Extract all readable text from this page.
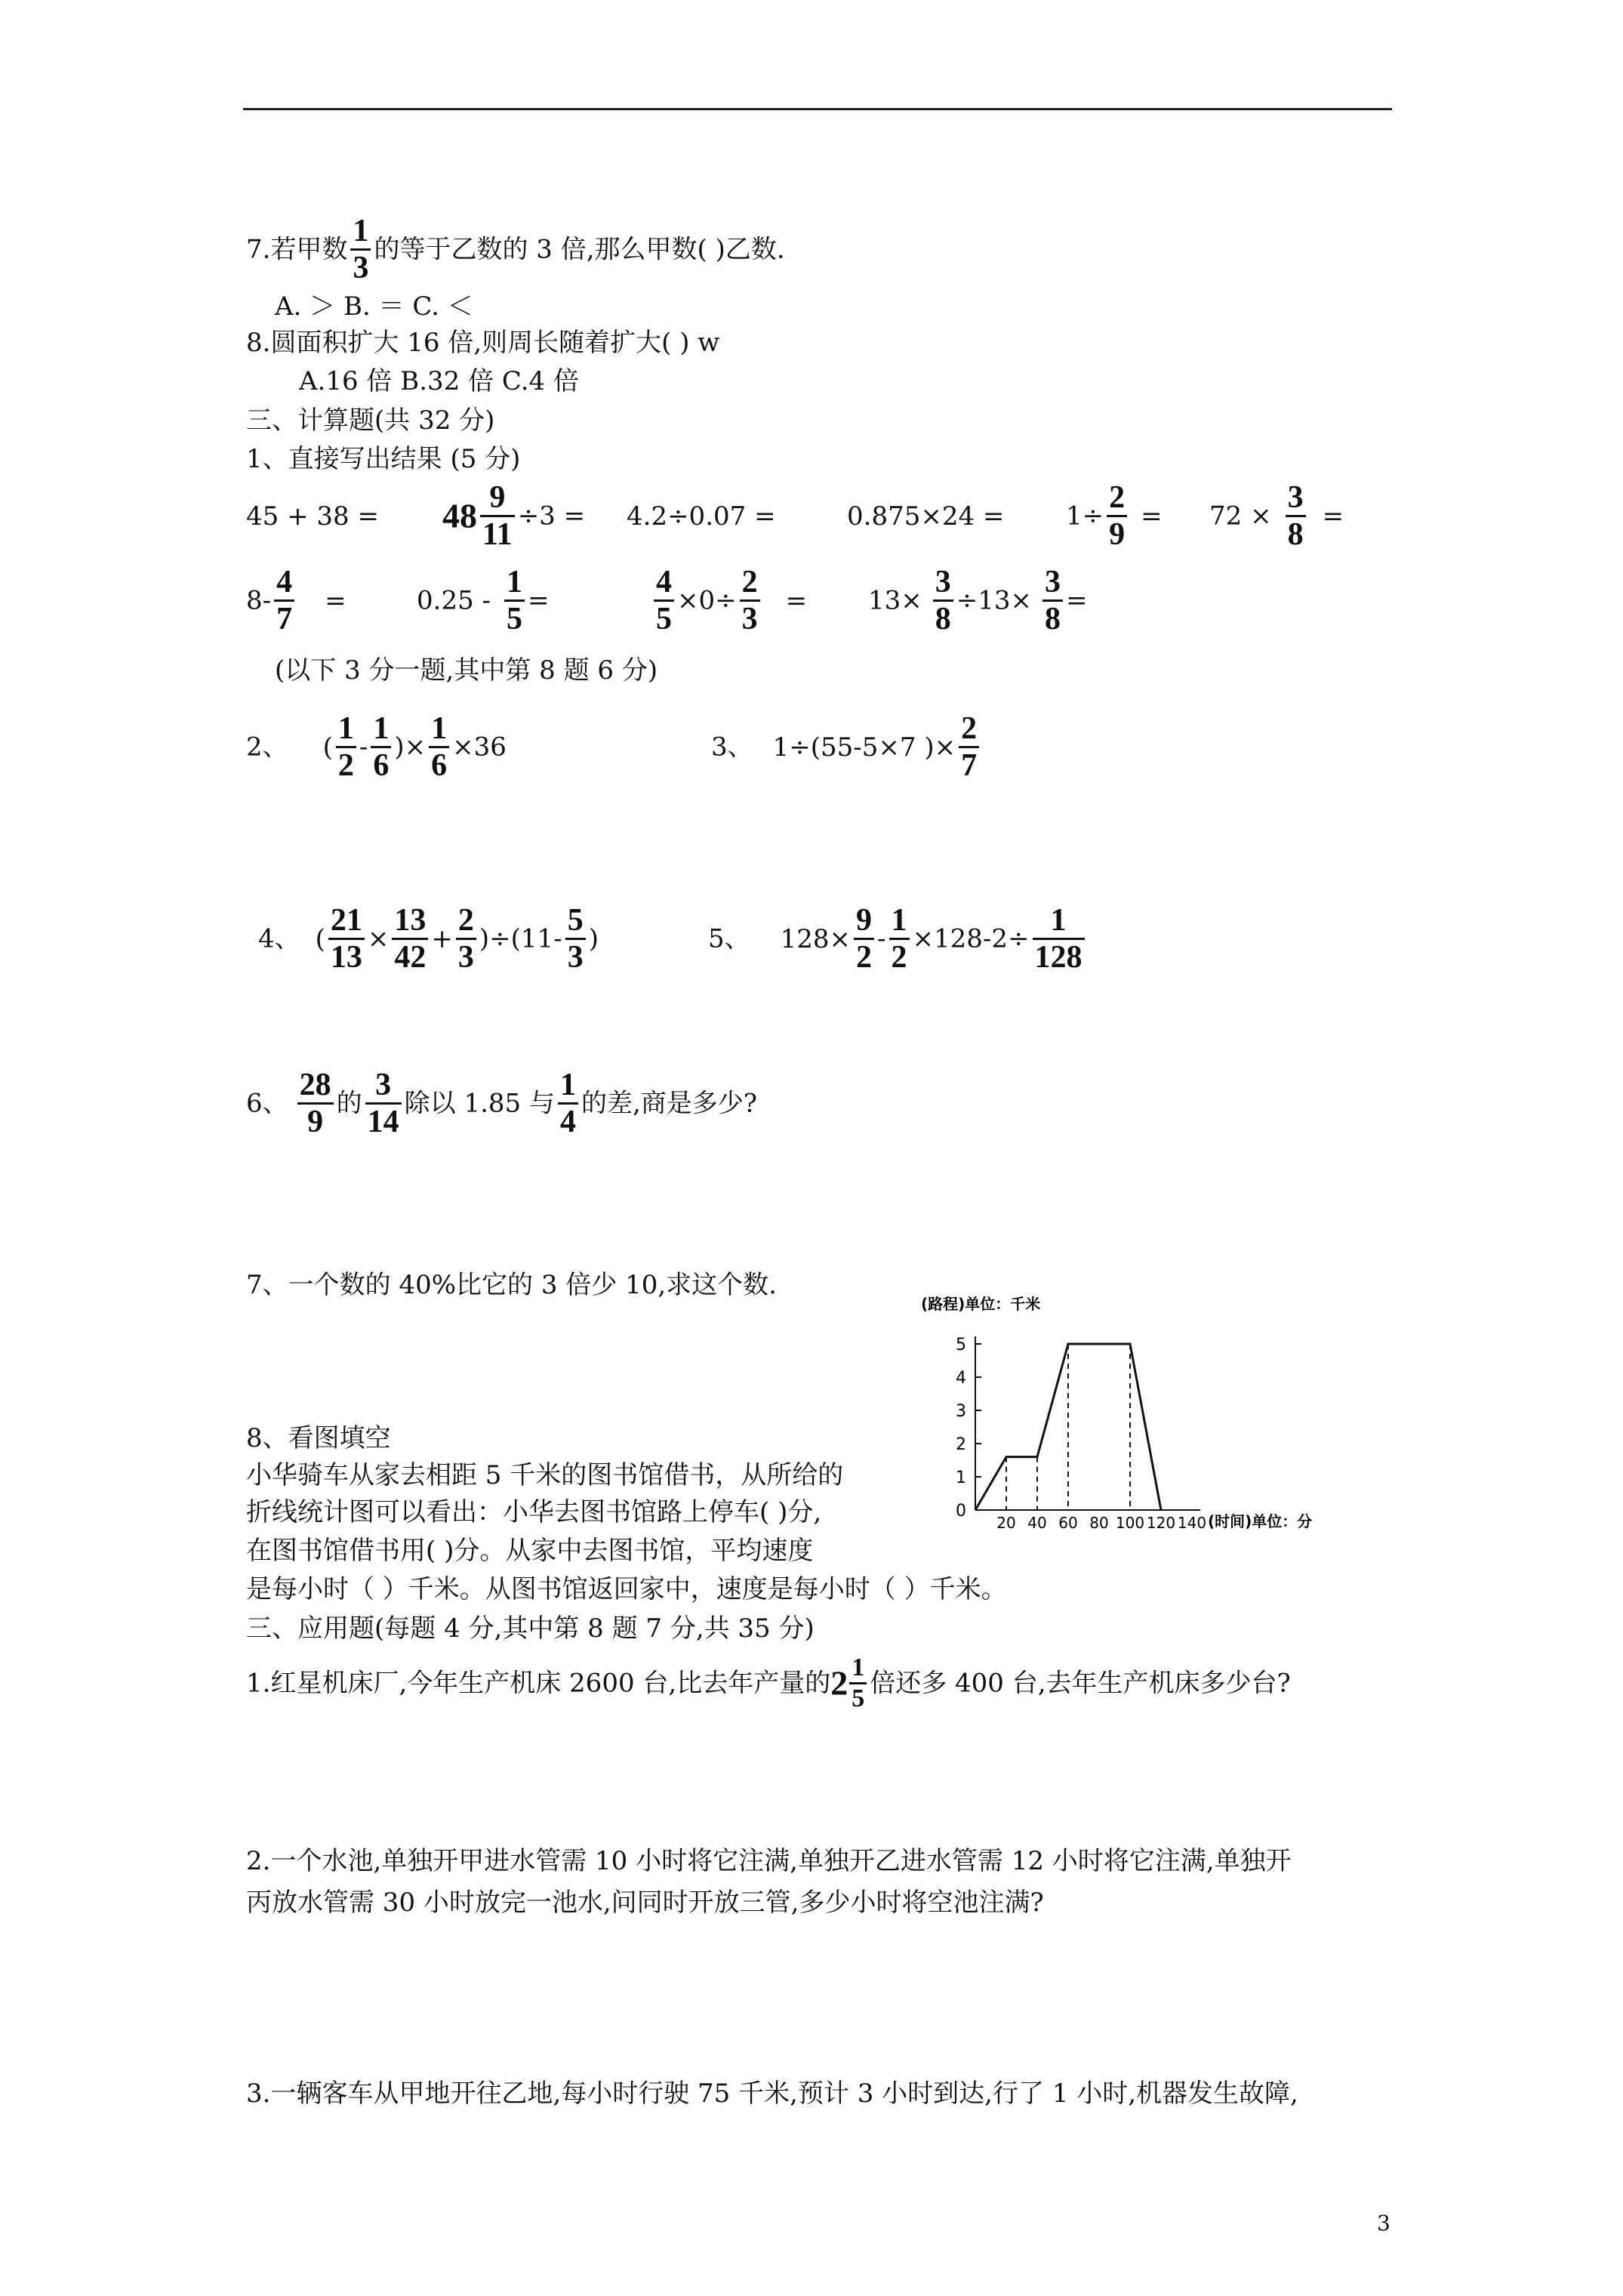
7.若甲数 $\frac{1}{3}$ 的等于乙数的 3 倍,那么甲数( )乙数.
A. ＞ B. ＝ C. ＜
8.圆面积扩大 16 倍,则周长随着扩大( ) w
A.16 倍 B.32 倍 C.4 倍
三、计算题(共 32 分)
1、直接写出结果 (5 分)
$45 + 38 = 48 \frac{9}{11} \div 3 = 4.2\div 0.07$ =	$0.875\times 24 = 1\div \frac{2}{9} = 72 \times \frac{3}{8}$ =
$8- \frac{4}{7}$ =	$0.25 - \frac{1}{5}$ =	$\frac{4}{5} \times 0\div \frac{2}{3} = 13\times \frac{3}{8} \div 13\times \frac{3}{8}$ =
(以下 3 分一题,其中第 8 题 6 分)
2、 ( $\frac{1}{2} - \frac{1}{6}$ )× $\frac{1}{6} \times 36$	3、 1÷(55-5×7 )× $\frac{2}{7}$
4、 ( $\frac{21}{13} \times \frac{13}{42} + \frac{2}{3} )\div(11- \frac{5}{3}$ )	5、 $128\times \frac{9}{2} - \frac{1}{2} \times 128-2\div \frac{1}{128}$
6、 $\frac{28}{9}$ 的 $\frac{3}{14}$ 除以 1.85 与 $\frac{1}{4}$ 的差,商是多少?
7、一个数的 40%比它的 3 倍少 10,求这个数.
8、看图填空
小华骑车从家去相距 5 千米的图书馆借书，从所给的
折线统计图可以看出：小华去图书馆路上停车( )分,
在图书馆借书用( )分。从家中去图书馆，平均速度
是每小时（ ）千米。从图书馆返回家中，速度是每小时（ ）千米。
(路程)单位：千米
0
1
2
3
4
5
20 40 60 80 100 120 140 (时间)单位：分
三、应用题(每题 4 分,其中第 8 题 7 分,共 35 分)
1.红星机床厂,今年生产机床 2600 台,比去年产量的$2 \frac{1}{5}$ 倍还多 400 台,去年生产机床多少台?
2.一个水池,单独开甲进水管需 10 小时将它注满,单独开乙进水管需 12 小时将它注满,单独开
丙放水管需 30 小时放完一池水,问同时开放三管,多少小时将空池注满?
3.一辆客车从甲地开往乙地,每小时行驶 75 千米,预计 3 小时到达,行了 1 小时,机器发生故障,
3
